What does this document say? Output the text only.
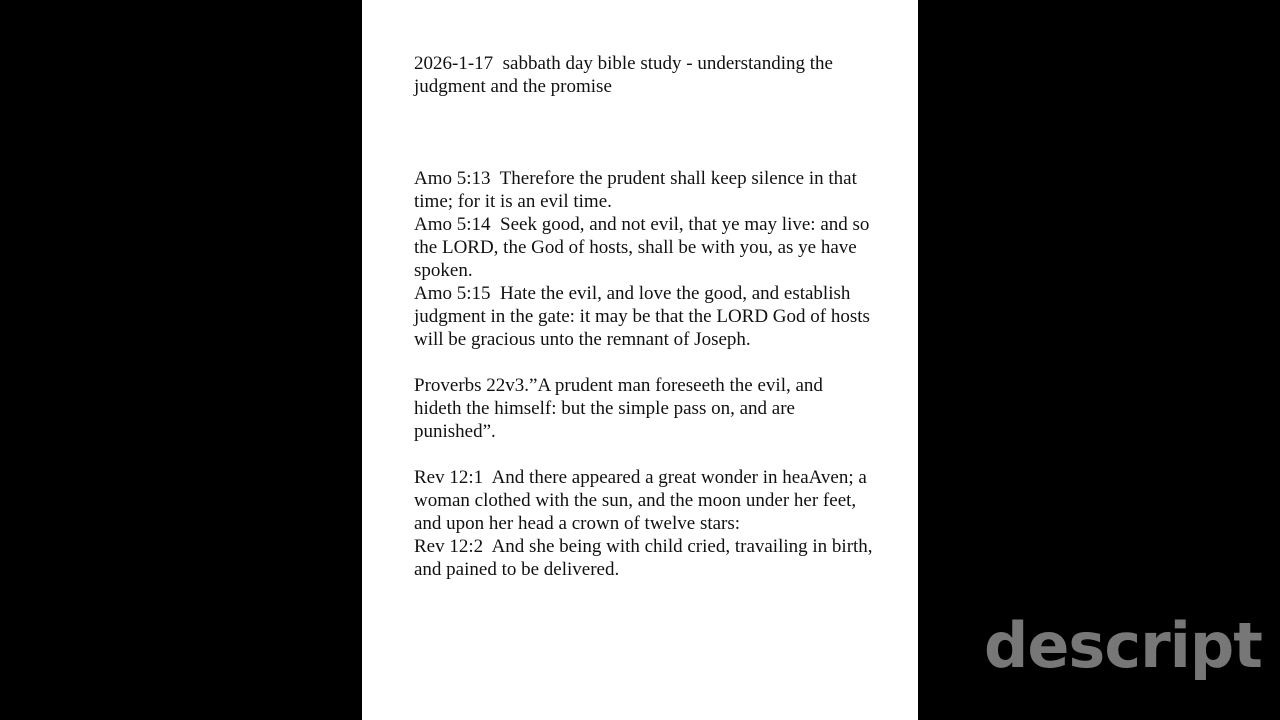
2026-1-17  sabbath day bible study - understanding the judgment and the promise

Amo 5:13  Therefore the prudent shall keep silence in that time; for it is an evil time.

Amo 5:14  Seek good, and not evil, that ye may live: and so the LORD, the God of hosts, shall be with you, as ye have spoken.

Amo 5:15  Hate the evil, and love the good, and establish judgment in the gate: it may be that the LORD God of hosts will be gracious unto the remnant of Joseph.

Proverbs 22v3.”A prudent man foreseeth the evil, and hideth the himself: but the simple pass on, and are punished”.

Rev 12:1  And there appeared a great wonder in heaAven; a woman clothed with the sun, and the moon under her feet, and upon her head a crown of twelve stars:

Rev 12:2  And she being with child cried, travailing in birth, and pained to be delivered.

descript
